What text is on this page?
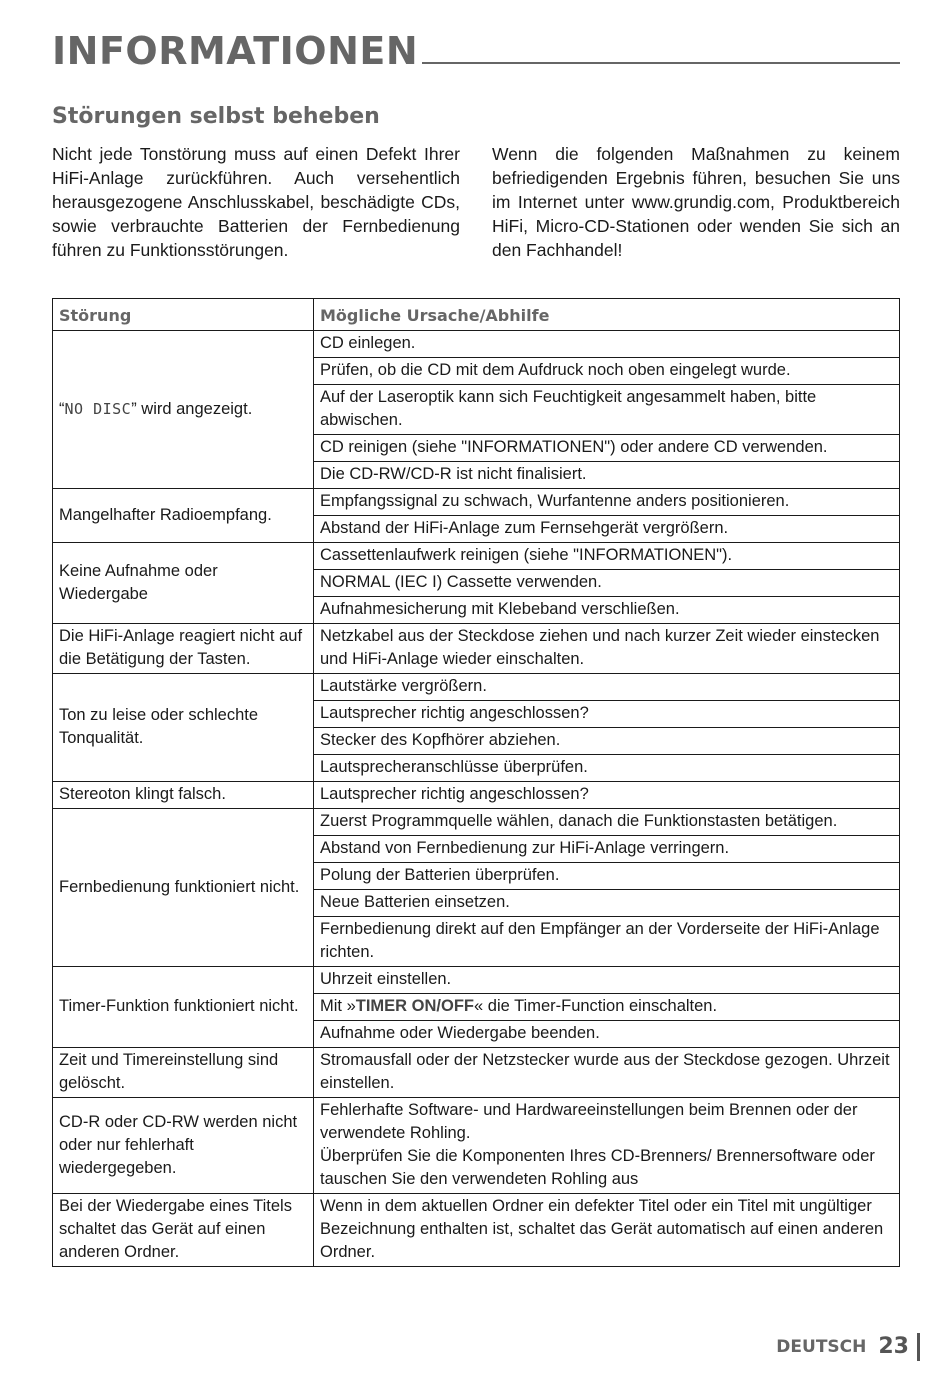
INFORMATIONEN
Störungen selbst beheben
Nicht jede Tonstörung muss auf einen Defekt Ihrer HiFi-Anlage zurückführen. Auch versehentlich herausgezogene Anschlusskabel, beschädigte CDs, sowie verbrauchte Batterien der Fernbedienung führen zu Funktionsstörungen.
Wenn die folgenden Maßnahmen zu keinem befriedigenden Ergebnis führen, besuchen Sie uns im Internet unter www.grundig.com, Produktbereich HiFi, Micro-CD-Stationen oder wenden Sie sich an den Fachhandel!
Störung	Mögliche Ursache/Abhilfe
“NO DISC” wird angezeigt.	CD einlegen.
	Prüfen, ob die CD mit dem Aufdruck noch oben eingelegt wurde.
	Auf der Laseroptik kann sich Feuchtigkeit angesammelt haben, bitte abwischen.
	CD reinigen (siehe "INFORMATIONEN") oder andere CD verwenden.
	Die CD-RW/CD-R ist nicht finalisiert.
Mangelhafter Radioempfang.	Empfangssignal zu schwach, Wurfantenne anders positionieren.
	Abstand der HiFi-Anlage zum Fernsehgerät vergrößern.
Keine Aufnahme oder Wiedergabe	Cassettenlaufwerk reinigen (siehe "INFORMATIONEN").
	NORMAL (IEC I) Cassette verwenden.
	Aufnahmesicherung mit Klebeband verschließen.
Die HiFi-Anlage reagiert nicht auf die Betätigung der Tasten.	Netzkabel aus der Steckdose ziehen und nach kurzer Zeit wieder einstecken und HiFi-Anlage wieder einschalten.
Ton zu leise oder schlechte Tonqualität.	Lautstärke vergrößern.
	Lautsprecher richtig angeschlossen?
	Stecker des Kopfhörer abziehen.
	Lautsprecheranschlüsse überprüfen.
Stereoton klingt falsch.	Lautsprecher richtig angeschlossen?
Fernbedienung funktioniert nicht.	Zuerst Programmquelle wählen, danach die Funktionstasten betätigen.
	Abstand von Fernbedienung zur HiFi-Anlage verringern.
	Polung der Batterien überprüfen.
	Neue Batterien einsetzen.
	Fernbedienung direkt auf den Empfänger an der Vorderseite der HiFi-Anlage richten.
Timer-Funktion funktioniert nicht.	Uhrzeit einstellen.
	Mit »TIMER ON/OFF« die Timer-Function einschalten.
	Aufnahme oder Wiedergabe beenden.
Zeit und Timereinstellung sind gelöscht.	Stromausfall oder der Netzstecker wurde aus der Steckdose gezogen. Uhrzeit einstellen.
CD-R oder CD-RW werden nicht oder nur fehlerhaft wiedergegeben.	Fehlerhafte Software- und Hardwareeinstellungen beim Brennen oder der verwendete Rohling.
Überprüfen Sie die Komponenten Ihres CD-Brenners/ Brennersoftware oder tauschen Sie den verwendeten Rohling aus
Bei der Wiedergabe eines Titels schaltet das Gerät auf einen anderen Ordner.	Wenn in dem aktuellen Ordner ein defekter Titel oder ein Titel mit ungültiger Bezeichnung enthalten ist, schaltet das Gerät automatisch auf einen anderen Ordner.
DEUTSCH 23
